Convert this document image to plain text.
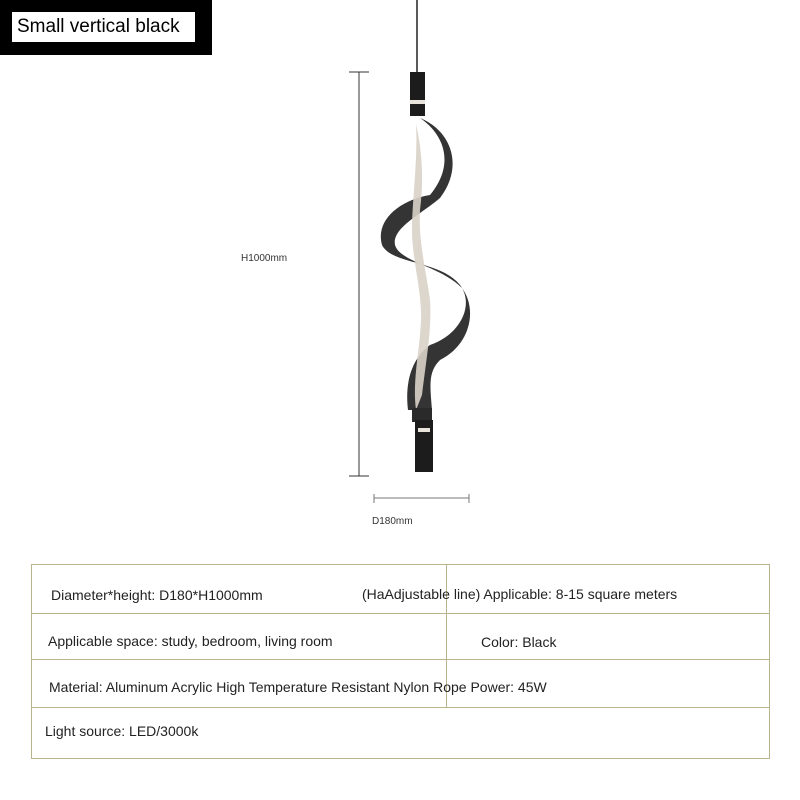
Small vertical black
H1000mm
D180mm
Diameter*height: D180*H1000mm	(HaAdjustable line) Applicable: 8-15 square meters
Applicable space: study, bedroom, living room	Color: Black
Material: Aluminum Acrylic High Temperature Resistant Nylon Rope Power: 45W
Light source: LED/3000k
